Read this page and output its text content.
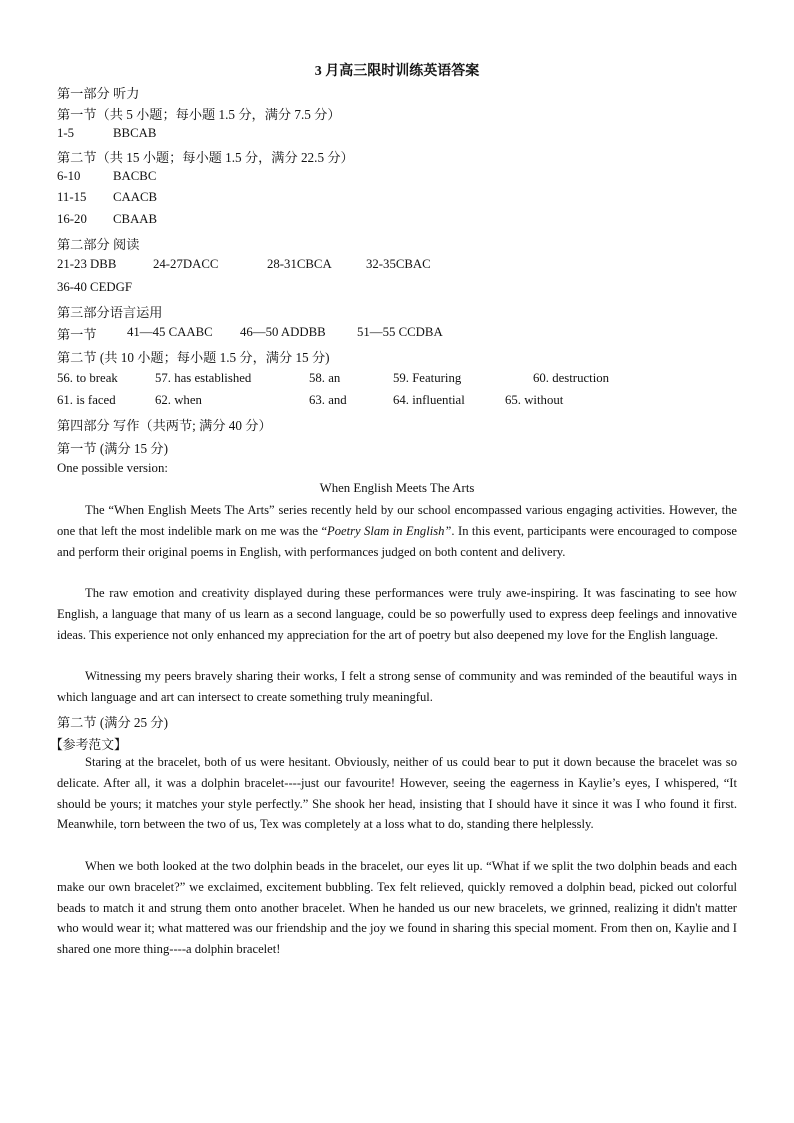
3 月高三限时训练英语答案
第一部分 听力
第一节（共 5 小题；每小题 1.5 分，满分 7.5 分）
1-5	BBCAB
第二节（共 15 小题；每小题 1.5 分，满分 22.5 分）
6-10	BACBC
11-15 CAACB
16-20 CBAAB
第二部分 阅读
21-23 DBB	24-27DACC	28-31CBCA	32-35CBAC
36-40 CEDGF
第三部分语言运用
第一节 41—45 CAABC 46—50 ADDBB 51—55 CCDBA
第二节 (共 10 小题；每小题 1.5 分，满分 15 分)
56. to break	57. has established	58. an	59. Featuring	60. destruction
61. is faced	62. when	63. and	64. influential	65. without
第四部分 写作（共两节; 满分 40 分）
第一节 (满分 15 分)
One possible version:
When English Meets The Arts

The “When English Meets The Arts” series recently held by our school encompassed various engaging activities. However, the one that left the most indelible mark on me was the “Poetry Slam in English”. In this event, participants were encouraged to compose and perform their original poems in English, with performances judged on both content and delivery.

The raw emotion and creativity displayed during these performances were truly awe-inspiring. It was fascinating to see how English, a language that many of us learn as a second language, could be so powerfully used to express deep feelings and innovative ideas. This experience not only enhanced my appreciation for the art of poetry but also deepened my love for the English language.

Witnessing my peers bravely sharing their works, I felt a strong sense of community and was reminded of the beautiful ways in which language and art can intersect to create something truly meaningful.

第二节 (满分 25 分)
【参考范文】

Staring at the bracelet, both of us were hesitant. Obviously, neither of us could bear to put it down because the bracelet was so delicate. After all, it was a dolphin bracelet----just our favourite! However, seeing the eagerness in Kaylie’s eyes, I whispered, “It should be yours; it matches your style perfectly.” She shook her head, insisting that I should have it since it was I who found it first. Meanwhile, torn between the two of us, Tex was completely at a loss what to do, standing there helplessly.

When we both looked at the two dolphin beads in the bracelet, our eyes lit up. “What if we split the two dolphin beads and each make our own bracelet?” we exclaimed, excitement bubbling. Tex felt relieved, quickly removed a dolphin bead, picked out colorful beads to match it and strung them onto another bracelet. When he handed us our new bracelets, we grinned, realizing it didn't matter who would wear it; what mattered was our friendship and the joy we found in sharing this special moment. From then on, Kaylie and I shared one more thing----a dolphin bracelet!
